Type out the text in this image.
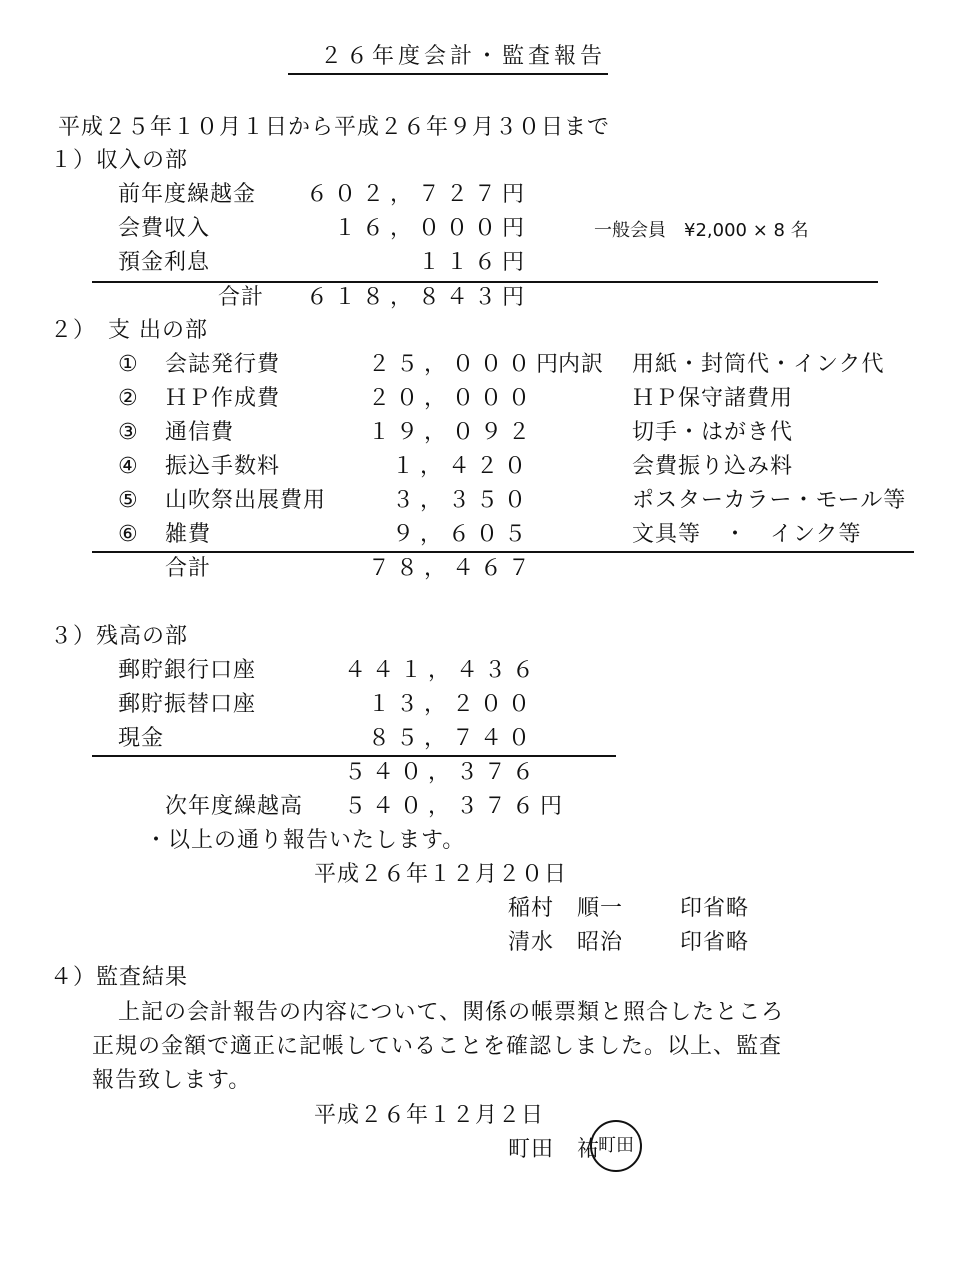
２６年度会計・監査報告
平成２５年１０月１日から平成２６年９月３０日まで
１）収入の部
前年度繰越金 ６０２，７２７円
会費収入	１６，０００円	一般会員　¥2,000 × 8 名
預金利息	１１６円
合計 ６１８，８４３円
２）　支 出の部
内訳
① 会誌発行費	２５，０００円	用紙・封筒代・インク代
② ＨＰ作成費	２０，０００	ＨＰ保守諸費用
③ 通信費	１９，０９２	切手・はがき代
④ 振込手数料	１，４２０	会費振り込み料
⑤ 山吹祭出展費用	３，３５０	ポスターカラー・モール等
⑥ 雑費	９，６０５	文具等　・　インク等
合計	７８，４６７
３）残高の部
郵貯銀行口座	４４１，４３６
郵貯振替口座	１３，２００
現金	８５，７４０
５４０，３７６
次年度繰越高 ５４０，３７６円
・以上の通り報告いたします。
平成２６年１２月２０日
稲村　順一	印省略
清水　昭治	印省略
４）監査結果
上記の会計報告の内容について、関係の帳票類と照合したところ
正規の金額で適正に記帳していることを確認しました。以上、監査
報告致します。
平成２６年１２月２日
町田　祐
町田
